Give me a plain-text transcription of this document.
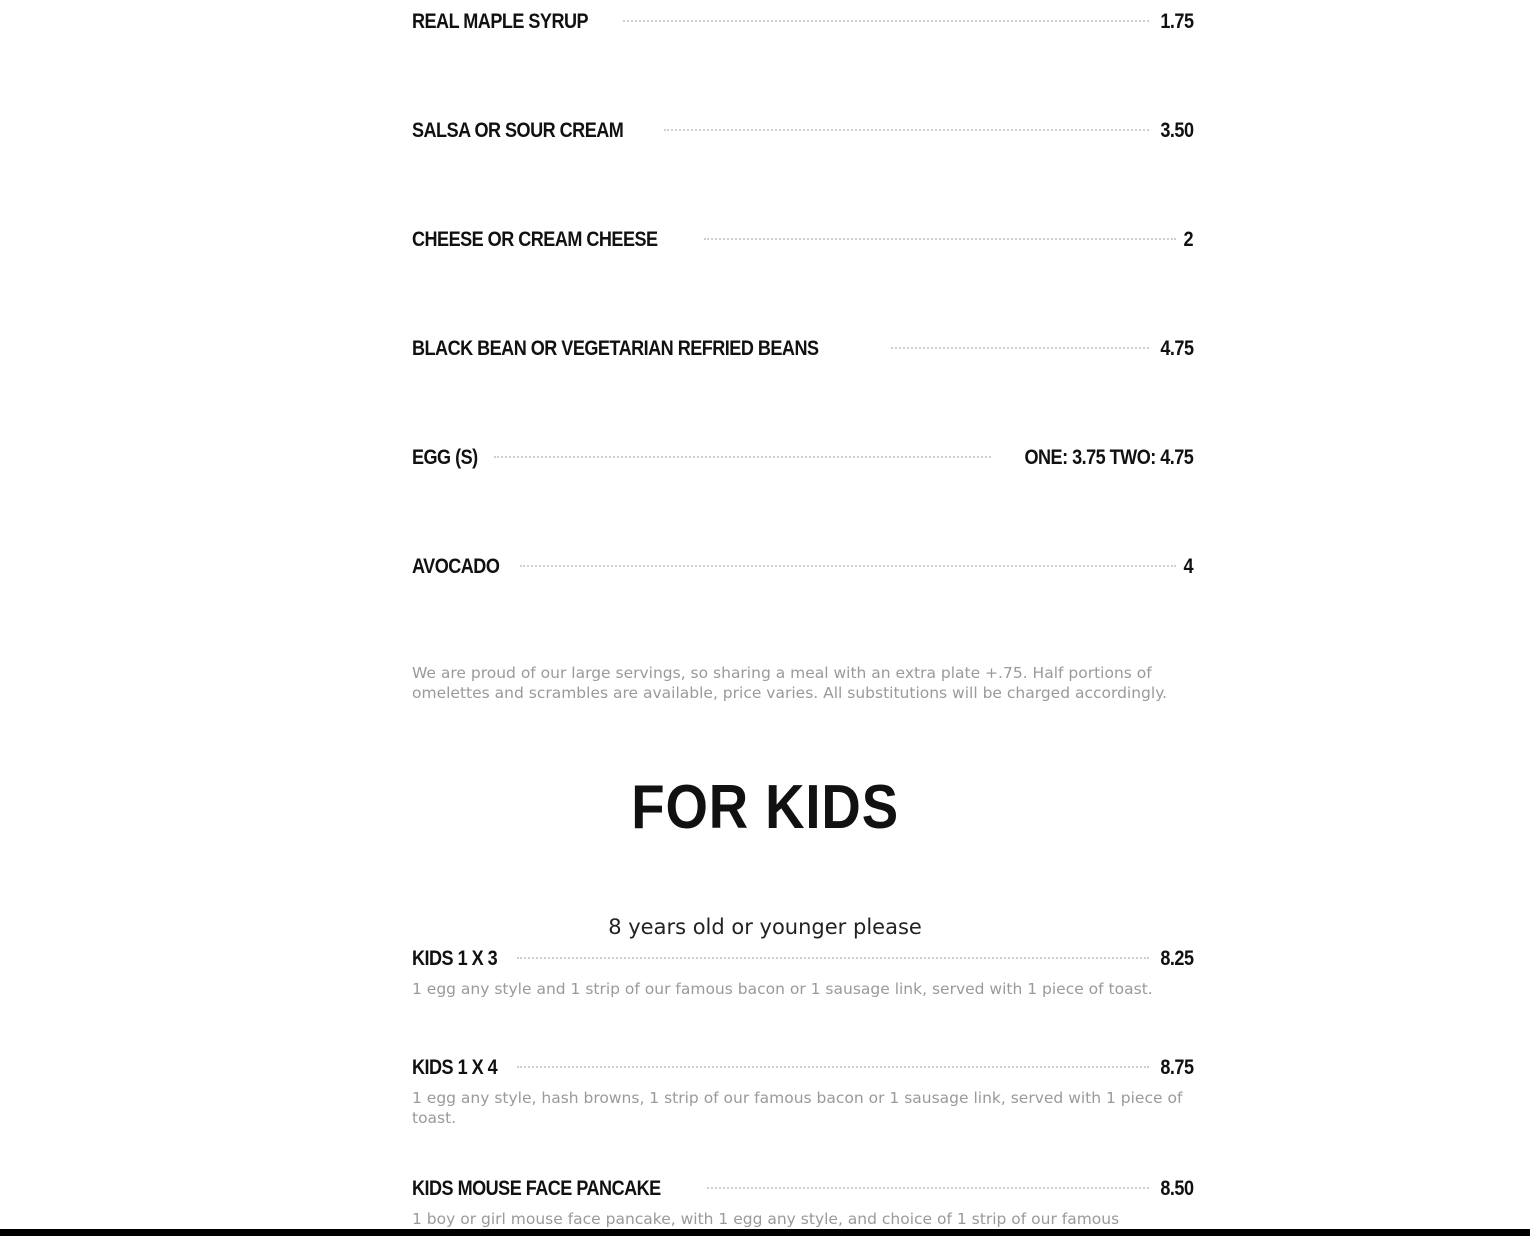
REAL MAPLE SYRUP	1.75
SALSA OR SOUR CREAM	3.50
CHEESE OR CREAM CHEESE	2
BLACK BEAN OR VEGETARIAN REFRIED BEANS	4.75
EGG (S)	ONE: 3.75 TWO: 4.75
AVOCADO	4
KIDS 1 X 3	8.25
1 egg any style and 1 strip of our famous bacon or 1 sausage link, served with 1 piece of toast.
KIDS 1 X 4	8.75
1 egg any style, hash browns, 1 strip of our famous bacon or 1 sausage link, served with 1 piece of toast.
KIDS MOUSE FACE PANCAKE	8.50
1 boy or girl mouse face pancake, with 1 egg any style, and choice of 1 strip of our famous
We are proud of our large servings, so sharing a meal with an extra plate +.75. Half portions of omelettes and scrambles are available, price varies. All substitutions will be charged accordingly.
FOR KIDS
8 years old or younger please
